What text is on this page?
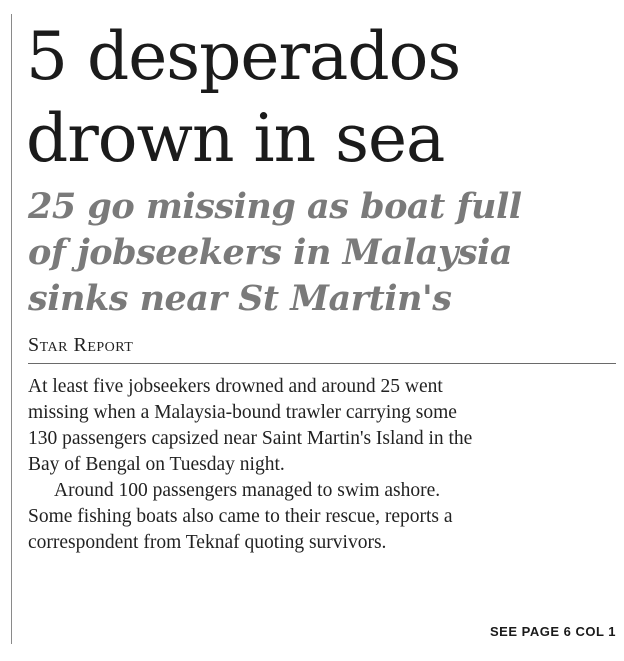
5 desperados
drown in sea
25 go missing as boat full
of jobseekers in Malaysia
sinks near St Martin's
Star Report

At least five jobseekers drowned and around 25 went
missing when a Malaysia-bound trawler carrying some
130 passengers capsized near Saint Martin's Island in the
Bay of Bengal on Tuesday night.

Around 100 passengers managed to swim ashore.
Some fishing boats also came to their rescue, reports a
correspondent from Teknaf quoting survivors.

SEE PAGE 6 COL 1
